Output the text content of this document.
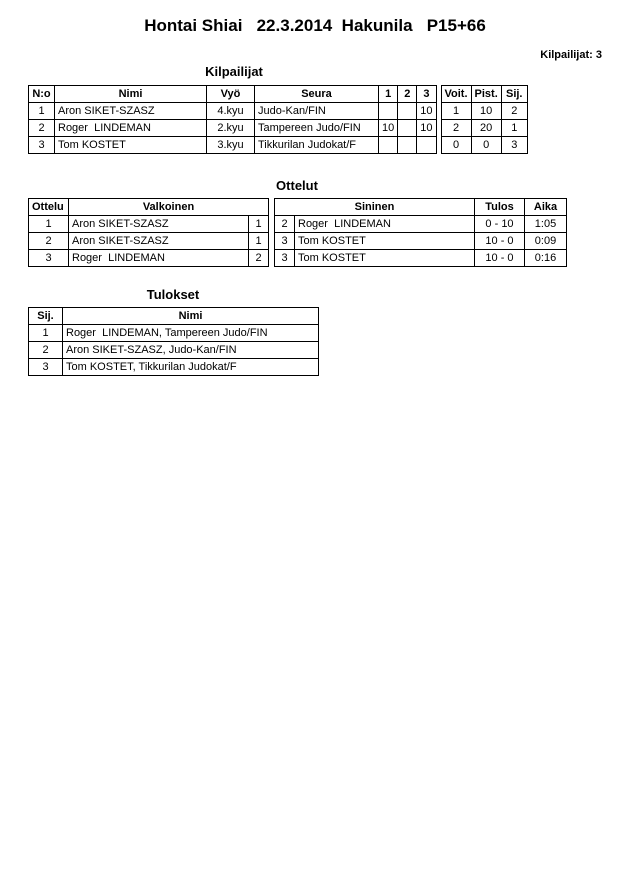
Hontai Shiai   22.3.2014  Hakunila   P15+66
Kilpailijat: 3
Kilpailijat
N:o	Nimi	Vyö	Seura	1	2	3		Voit.	Pist.	Sij.
1	Aron SIKET-SZASZ	4.kyu	Judo-Kan/FIN			10		1	10	2
2	Roger  LINDEMAN	2.kyu	Tampereen Judo/FIN	10		10		2	20	1
3	Tom KOSTET	3.kyu	Tikkurilan Judokat/F					0	0	3
Ottelut
Ottelu	Valkoinen			Sininen		Tulos	Aika
1	Aron SIKET-SZASZ	1		2	Roger  LINDEMAN	0 - 10	1:05
2	Aron SIKET-SZASZ	1		3	Tom KOSTET	10 - 0	0:09
3	Roger  LINDEMAN	2		3	Tom KOSTET	10 - 0	0:16
Tulokset
Sij.	Nimi
1	Roger  LINDEMAN, Tampereen Judo/FIN
2	Aron SIKET-SZASZ, Judo-Kan/FIN
3	Tom KOSTET, Tikkurilan Judokat/F
